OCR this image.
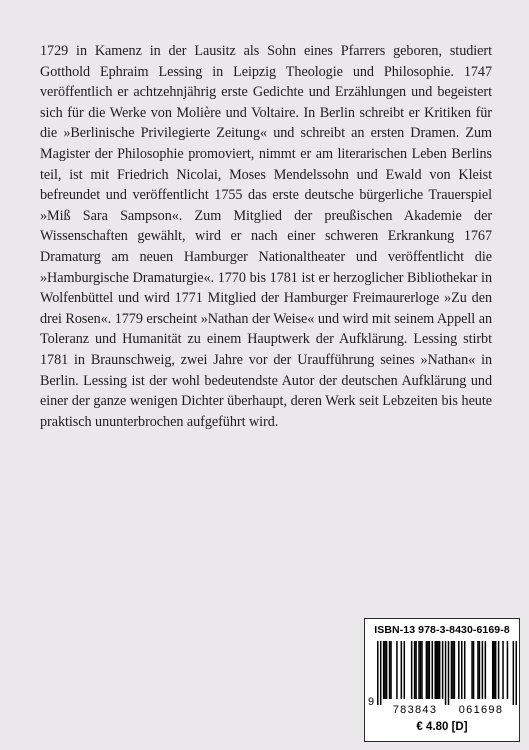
1729 in Kamenz in der Lausitz als Sohn eines Pfarrers geboren, studiert Gotthold Ephraim Lessing in Leipzig Theologie und Philosophie. 1747 veröffentlich er achtzehnjährig erste Gedichte und Erzählungen und begeistert sich für die Werke von Molière und Voltaire. In Berlin schreibt er Kritiken für die »Berlinische Privilegierte Zeitung« und schreibt an ersten Dramen. Zum Magister der Philosophie promoviert, nimmt er am literarischen Leben Berlins teil, ist mit Friedrich Nicolai, Moses Mendelssohn und Ewald von Kleist befreundet und veröffentlicht 1755 das erste deutsche bürgerliche Trauerspiel »Miß Sara Sampson«. Zum Mitglied der preußischen Akademie der Wissenschaften gewählt, wird er nach einer schweren Erkrankung 1767 Dramaturg am neuen Hamburger Nationaltheater und veröffentlicht die »Hamburgische Dramaturgie«. 1770 bis 1781 ist er herzoglicher Bibliothekar in Wolfenbüttel und wird 1771 Mitglied der Hamburger Freimaurerloge »Zu den drei Rosen«. 1779 erscheint »Nathan der Weise« und wird mit seinem Appell an Toleranz und Humanität zu einem Hauptwerk der Aufklärung. Lessing stirbt 1781 in Braunschweig, zwei Jahre vor der Uraufführung seines »Nathan« in Berlin. Lessing ist der wohl bedeutendste Autor der deutschen Aufklärung und einer der ganze wenigen Dichter überhaupt, deren Werk seit Lebzeiten bis heute praktisch ununterbrochen aufgeführt wird.

ISBN-13 978-3-8430-6169-8
9
783843	061698
€ 4.80 [D]
